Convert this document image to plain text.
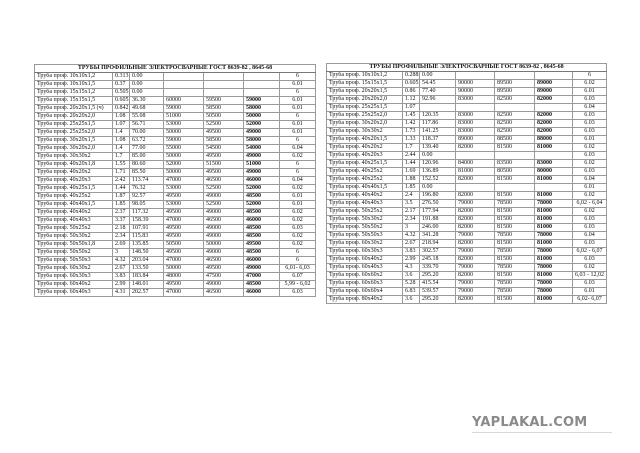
ТРУБЫ ПРОФИЛЬНЫЕ ЭЛЕКТРОСВАРНЫЕ ГОСТ 8639-82 , 8645-68						
Труба проф. 10х10х1,2	0.313	0.00				6
Труба проф. 10х10х1,5	0.37	0.00				6.01
Труба проф. 15х15х1,2	0.505	0.00				6
Труба проф. 15х15х1,5	0.605	36.30	60000	59500	59000	6.01
Труба проф. 20х20х1,5 (ч)	0.842	49.68	59000	58500	58000	6.01
Труба проф. 20х20х2,0	1.08	55.08	51000	50500	50000	6
Труба проф. 25х25х1,5	1.07	56.71	53000	52500	52000	6.01
Труба проф. 25х25х2,0	1.4	70.00	50000	49500	49000	6.01
Труба проф. 30х20х1,5	1.08	63.72	59000	58500	58000	6
Труба проф. 30х20х2,0	1.4	77.00	55000	54500	54000	6.04
Труба проф. 30х30х2	1.7	85.00	50000	49500	49000	6.02
Труба проф. 40х20х1,8	1.55	80.60	52000	51500	51000	6
Труба проф. 40х20х2	1.71	85.50	50000	49500	49000	6
Труба проф. 40х20х3	2.42	113.74	47000	46500	46000	6.04
Труба проф. 40х25х1,5	1.44	76.32	53000	52500	52000	6.02
Труба проф. 40х25х2	1.87	92.57	49500	49000	48500	6.01
Труба проф. 40х40х1,5	1.85	98.05	53000	52500	52000	6.01
Труба проф. 40х40х2	2.37	117.32	49500	49000	48500	6.02
Труба проф. 40х40х3	3.37	158.39	47000	46500	46000	6.02
Труба проф. 50х25х2	2.18	107.91	49500	49000	48500	6.03
Труба проф. 50х30х2	2.34	115.83	49500	49000	48500	6.02
Труба проф. 50х50х1,8	2.69	135.85	50500	50000	49500	6.02
Труба проф. 50х50х2	3	148.50	49500	49000	48500	6
Труба проф. 50х50х3	4.32	203.04	47000	46500	46000	6
Труба проф. 60х30х2	2.67	133.50	50000	49500	49000	6,01- 6,03
Труба проф. 60х30х3	3.83	183.84	48000	47500	47000	6.07
Труба проф. 60х40х2	2.99	148.01	49500	49000	48500	5,99 - 6,02
Труба проф. 60х40х3	4.31	202.57	47000	46500	46000	6.03
ТРУБЫ ПРОФИЛЬНЫЕ ЭЛЕКТРОСВАРНЫЕ ГОСТ 8639-82 , 8645-68						
Труба проф. 10х10х1,2	0.288	0.00				6
Труба проф. 15х15х1,5	0.605	54.45	90000	89500	89000	6.02
Труба проф. 20х20х1,5	0.86	77.40	90000	89500	89000	6.01
Труба проф. 20х20х2,0	1.12	92.96	83000	82500	82000	6.03
Труба проф. 25х25х1,5	1.07					6.04
Труба проф. 25х25х2,0	1.45	120.35	83000	82500	82000	6.03
Труба проф. 30х20х2,0	1.42	117.86	83000	82500	82000	6.03
Труба проф. 30х30х2	1.73	141.25	83000	82500	82000	6.03
Труба проф. 40х20х1,5	1.33	118.37	89000	88500	88000	6.01
Труба проф. 40х20х2	1.7	139.40	82000	81500	81000	6.02
Труба проф. 40х20х3	2.44	0.00				6.03
Труба проф. 40х25х1,5	1.44	120.96	84000	83500	83000	6.02
Труба проф. 40х25х2	1.69	136.89	81000	80500	80000	6.03
Труба проф. 40х25х2	1.88	152.52	82000	81500	81000	6.04
Труба проф. 40х40х1,5	1.85	0.00				6.01
Труба проф. 40х40х2	2.4	196.80	82000	81500	81000	6.02
Труба проф. 40х40х3	3.5	276.50	79000	78500	78000	6,02 - 6,04
Труба проф. 50х25х2	2.17	177.94	82000	81500	81000	6.02
Труба проф. 50х30х2	2.34	191.88	82000	81500	81000	6.03
Труба проф. 50х50х2	3	246.00	82000	81500	81000	6.03
Труба проф. 50х50х3	4.32	341.28	79000	78500	78000	6.04
Труба проф. 60х30х2	2.67	218.94	82000	81500	81000	6.03
Труба проф. 60х30х3	3.83	302.57	79000	78500	78000	6,02 - 6,07
Труба проф. 60х40х2	2.99	245.18	82000	81500	81000	6.03
Труба проф. 60х40х3	4.3	339.70	79000	78500	78000	6.02
Труба проф. 60х60х2	3.6	295.20	82000	81500	81000	6,03 - 12,02
Труба проф. 60х60х3	5.28	415.54	79000	78500	78000	6.03
Труба проф. 60х60х4	6.83	539.57	79000	78500	78000	6.01
Труба проф. 80х40х2	3.6	295.20	82000	81500	81000	6,02- 6,07
YAPLAKAL.COM
